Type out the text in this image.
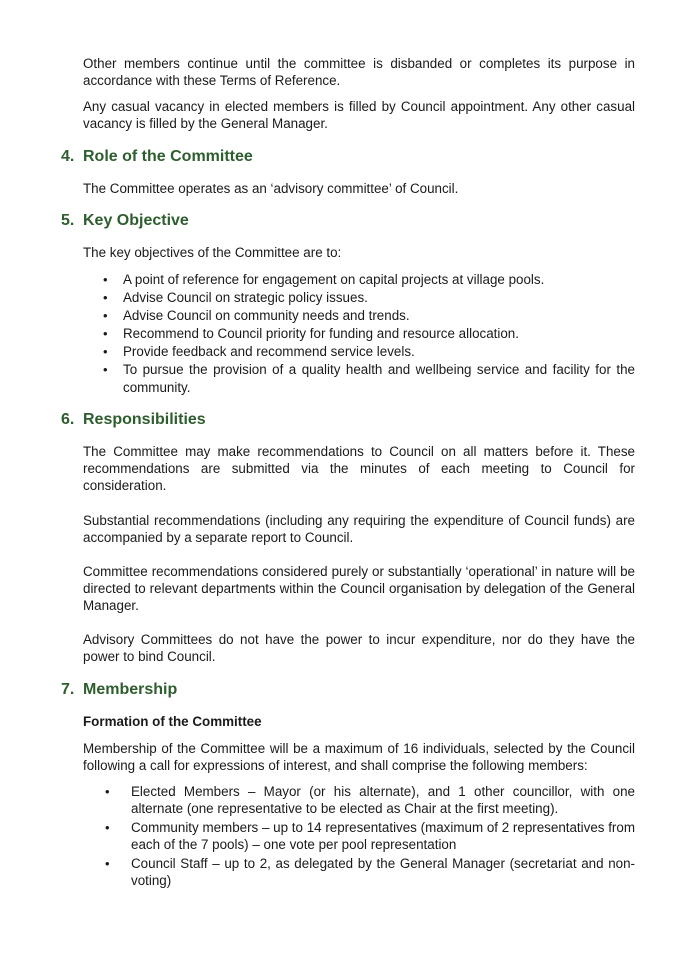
Other members continue until the committee is disbanded or completes its purpose in accordance with these Terms of Reference.

Any casual vacancy in elected members is filled by Council appointment. Any other casual vacancy is filled by the General Manager.

4. Role of the Committee

The Committee operates as an ‘advisory committee’ of Council.

5. Key Objective

The key objectives of the Committee are to:

• A point of reference for engagement on capital projects at village pools.
• Advise Council on strategic policy issues.
• Advise Council on community needs and trends.
• Recommend to Council priority for funding and resource allocation.
• Provide feedback and recommend service levels.
• To pursue the provision of a quality health and wellbeing service and facility for the community.
6. Responsibilities

The Committee may make recommendations to Council on all matters before it. These recommendations are submitted via the minutes of each meeting to Council for consideration.

Substantial recommendations (including any requiring the expenditure of Council funds) are accompanied by a separate report to Council.

Committee recommendations considered purely or substantially ‘operational’ in nature will be directed to relevant departments within the Council organisation by delegation of the General Manager.

Advisory Committees do not have the power to incur expenditure, nor do they have the power to bind Council.

7. Membership
Formation of the Committee

Membership of the Committee will be a maximum of 16 individuals, selected by the Council following a call for expressions of interest, and shall comprise the following members:

• Elected Members – Mayor (or his alternate), and 1 other councillor, with one alternate (one representative to be elected as Chair at the first meeting).
• Community members – up to 14 representatives (maximum of 2 representatives from each of the 7 pools) – one vote per pool representation
• Council Staff – up to 2, as delegated by the General Manager (secretariat and non-voting)
